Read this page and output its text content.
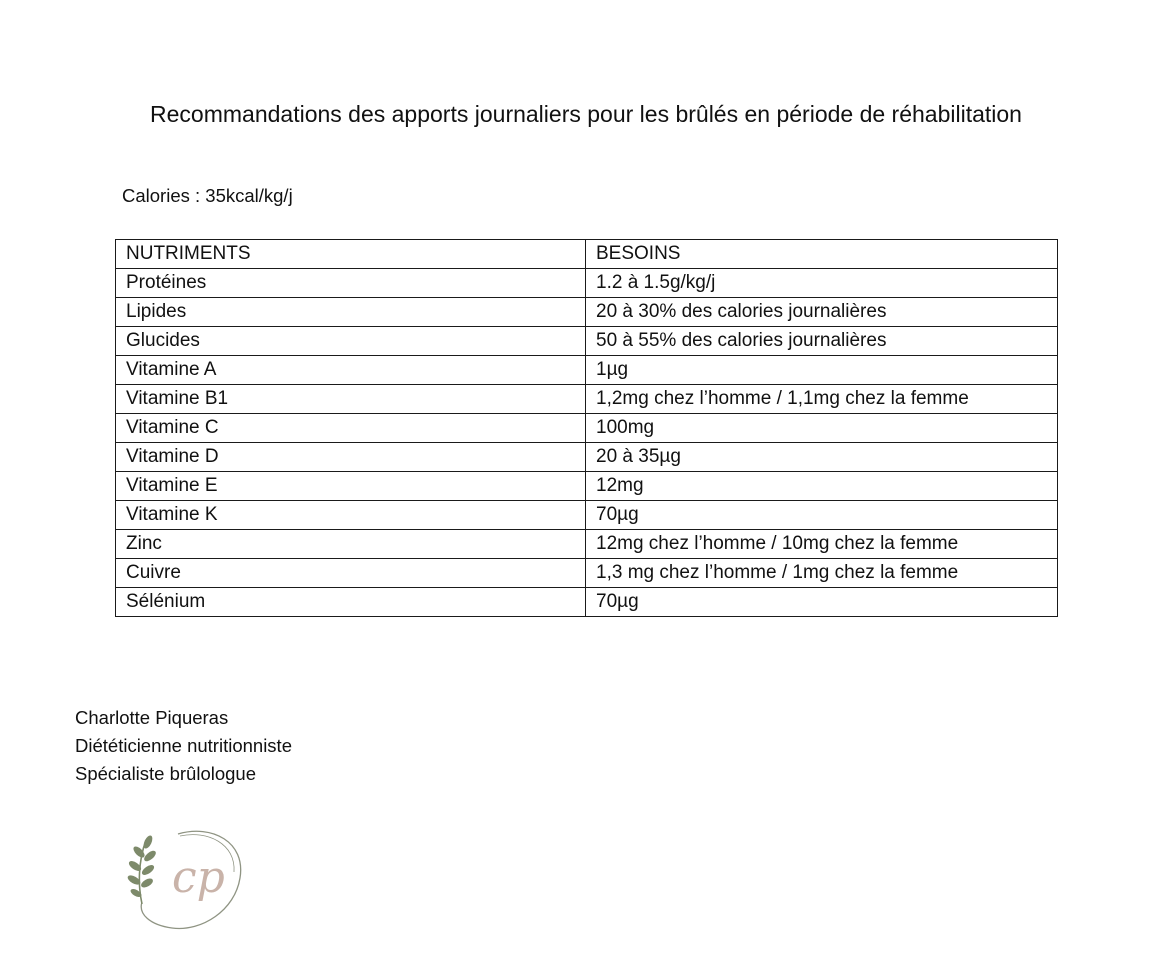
Recommandations des apports journaliers pour les brûlés en période de réhabilitation
Calories : 35kcal/kg/j
NUTRIMENTS	BESOINS
Protéines	1.2 à 1.5g/kg/j
Lipides	20 à 30% des calories journalières
Glucides	50 à 55% des calories journalières
Vitamine A	1µg
Vitamine B1	1,2mg chez l’homme / 1,1mg chez la femme
Vitamine C	100mg
Vitamine D	20 à 35µg
Vitamine E	12mg
Vitamine K	70µg
Zinc	12mg chez l’homme / 10mg chez la femme
Cuivre	1,3 mg chez l’homme / 1mg chez la femme
Sélénium	70µg
Charlotte Piqueras
Diététicienne nutritionniste
Spécialiste brûlologue
cp
